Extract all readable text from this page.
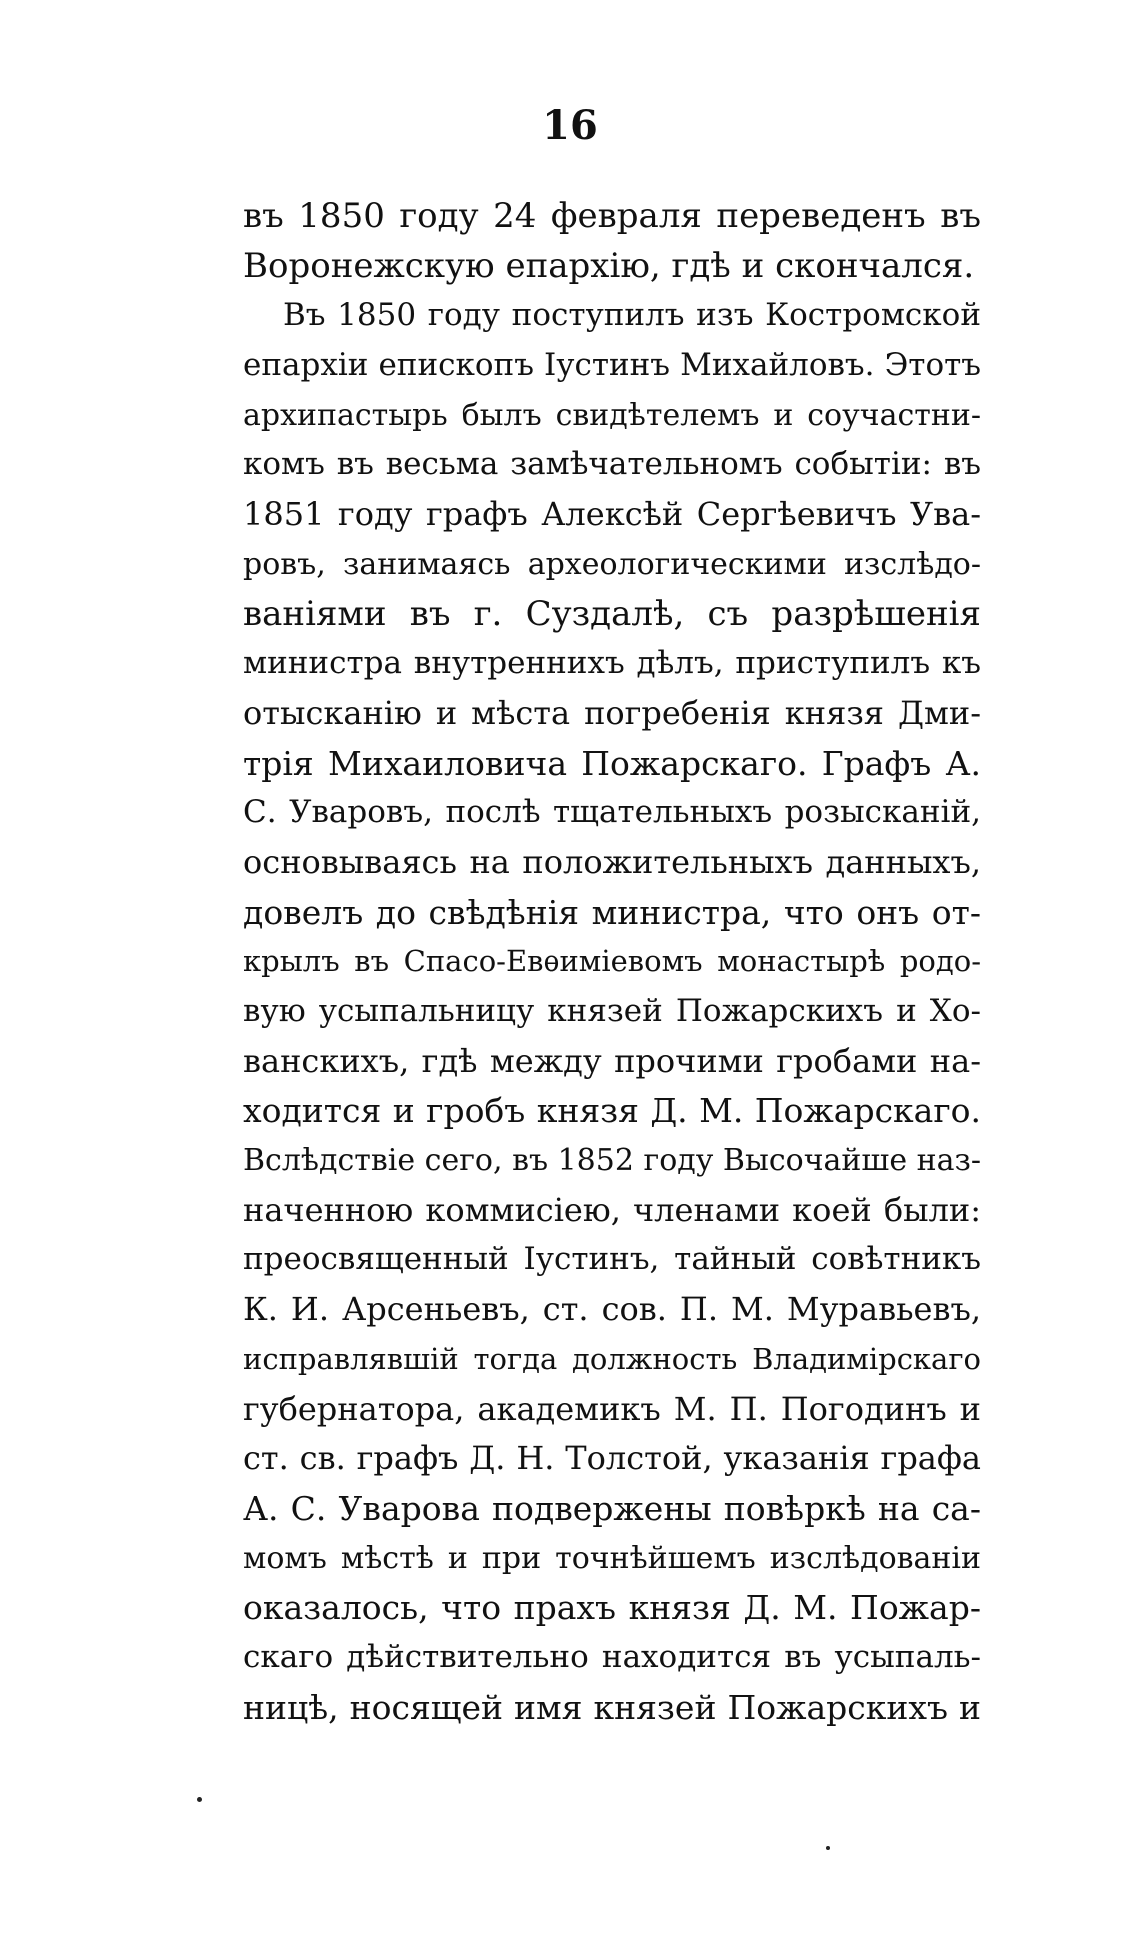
16
въ 1850 году 24 февраля переведенъ въ
Воронежскую епархію, гдѣ и скончался.
Въ 1850 году поступилъ изъ Костромской
епархіи епископъ Іустинъ Михайловъ. Этотъ
архипастырь былъ свидѣтелемъ и соучастни-
комъ въ весьма замѣчательномъ событіи: въ
1851 году графъ Алексѣй Сергѣевичъ Ува-
ровъ, занимаясь археологическими изслѣдо-
ваніями въ г. Суздалѣ, съ разрѣшенія
министра внутреннихъ дѣлъ, приступилъ къ
отысканію и мѣста погребенія князя Дми-
трія Михаиловича Пожарскаго. Графъ А.
С. Уваровъ, послѣ тщательныхъ розысканій,
основываясь на положительныхъ данныхъ,
довелъ до свѣдѣнія министра, что онъ от-
крылъ въ Спасо-Евѳиміевомъ монастырѣ родо-
вую усыпальницу князей Пожарскихъ и Хо-
ванскихъ, гдѣ между прочими гробами на-
ходится и гробъ князя Д. М. Пожарскаго.
Вслѣдствіе сего, въ 1852 году Высочайше наз-
наченною коммисіею, членами коей были:
преосвященный Іустинъ, тайный совѣтникъ
К. И. Арсеньевъ, ст. сов. П. М. Муравьевъ,
исправлявшій тогда должность Владимірскаго
губернатора, академикъ М. П. Погодинъ и
ст. св. графъ Д. Н. Толстой, указанія графа
А. С. Уварова подвержены повѣркѣ на са-
момъ мѣстѣ и при точнѣйшемъ изслѣдованіи
оказалось, что прахъ князя Д. М. Пожар-
скаго дѣйствительно находится въ усыпаль-
ницѣ, носящей имя князей Пожарскихъ и
